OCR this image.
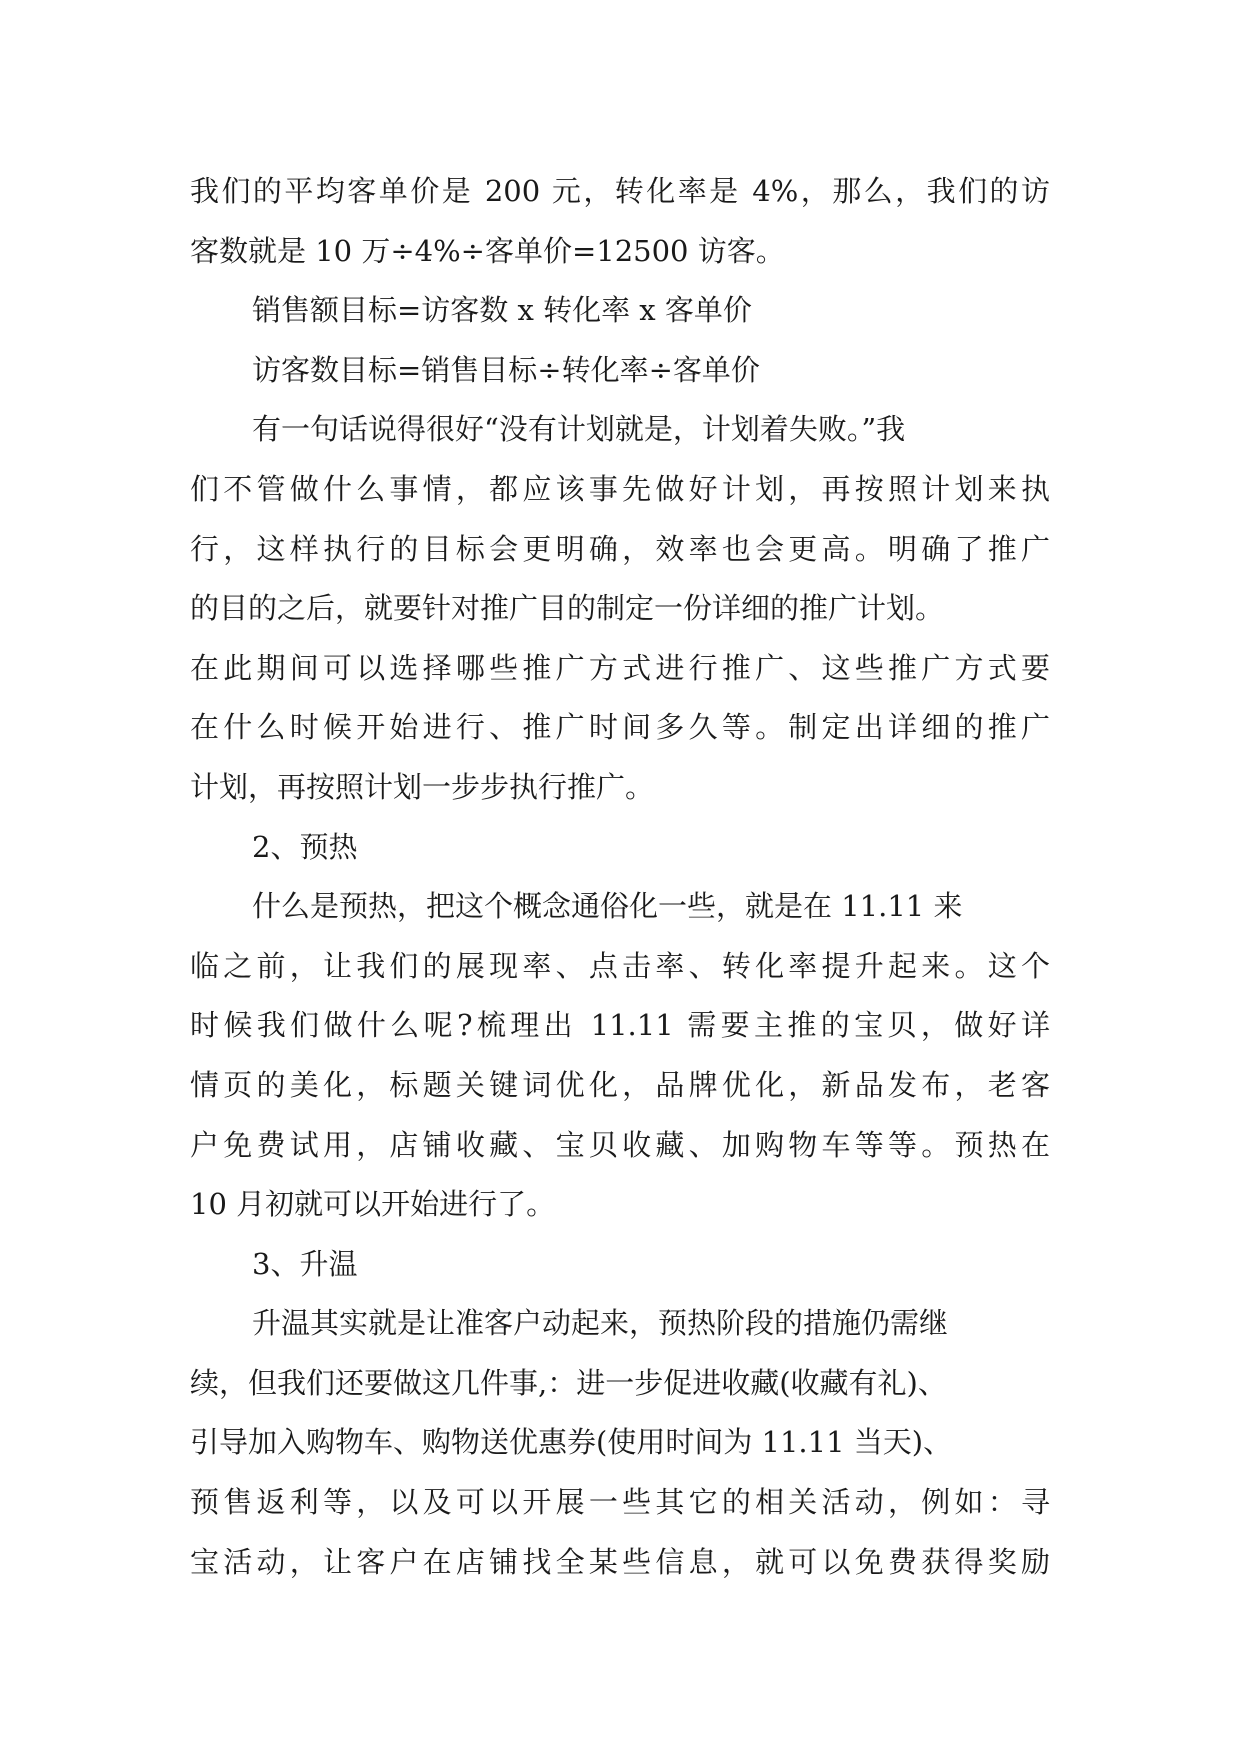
我们的平均客单价是 200 元，转化率是 4%，那么，我们的访
客数就是 10 万÷4%÷客单价=12500 访客。
销售额目标=访客数 x 转化率 x 客单价
访客数目标=销售目标÷转化率÷客单价
有一句话说得很好“没有计划就是，计划着失败。”我
们不管做什么事情，都应该事先做好计划，再按照计划来执
行，这样执行的目标会更明确，效率也会更高。明确了推广
的目的之后，就要针对推广目的制定一份详细的推广计划。
在此期间可以选择哪些推广方式进行推广、这些推广方式要
在什么时候开始进行、推广时间多久等。制定出详细的推广
计划，再按照计划一步步执行推广。
2、预热
什么是预热，把这个概念通俗化一些，就是在 11.11 来
临之前，让我们的展现率、点击率、转化率提升起来。这个
时候我们做什么呢?梳理出 11.11 需要主推的宝贝，做好详
情页的美化，标题关键词优化，品牌优化，新品发布，老客
户免费试用，店铺收藏、宝贝收藏、加购物车等等。预热在
10 月初就可以开始进行了。
3、升温
升温其实就是让准客户动起来，预热阶段的措施仍需继
续，但我们还要做这几件事,：进一步促进收藏(收藏有礼)、
引导加入购物车、购物送优惠券(使用时间为 11.11 当天)、
预售返利等，以及可以开展一些其它的相关活动，例如：寻
宝活动，让客户在店铺找全某些信息，就可以免费获得奖励
